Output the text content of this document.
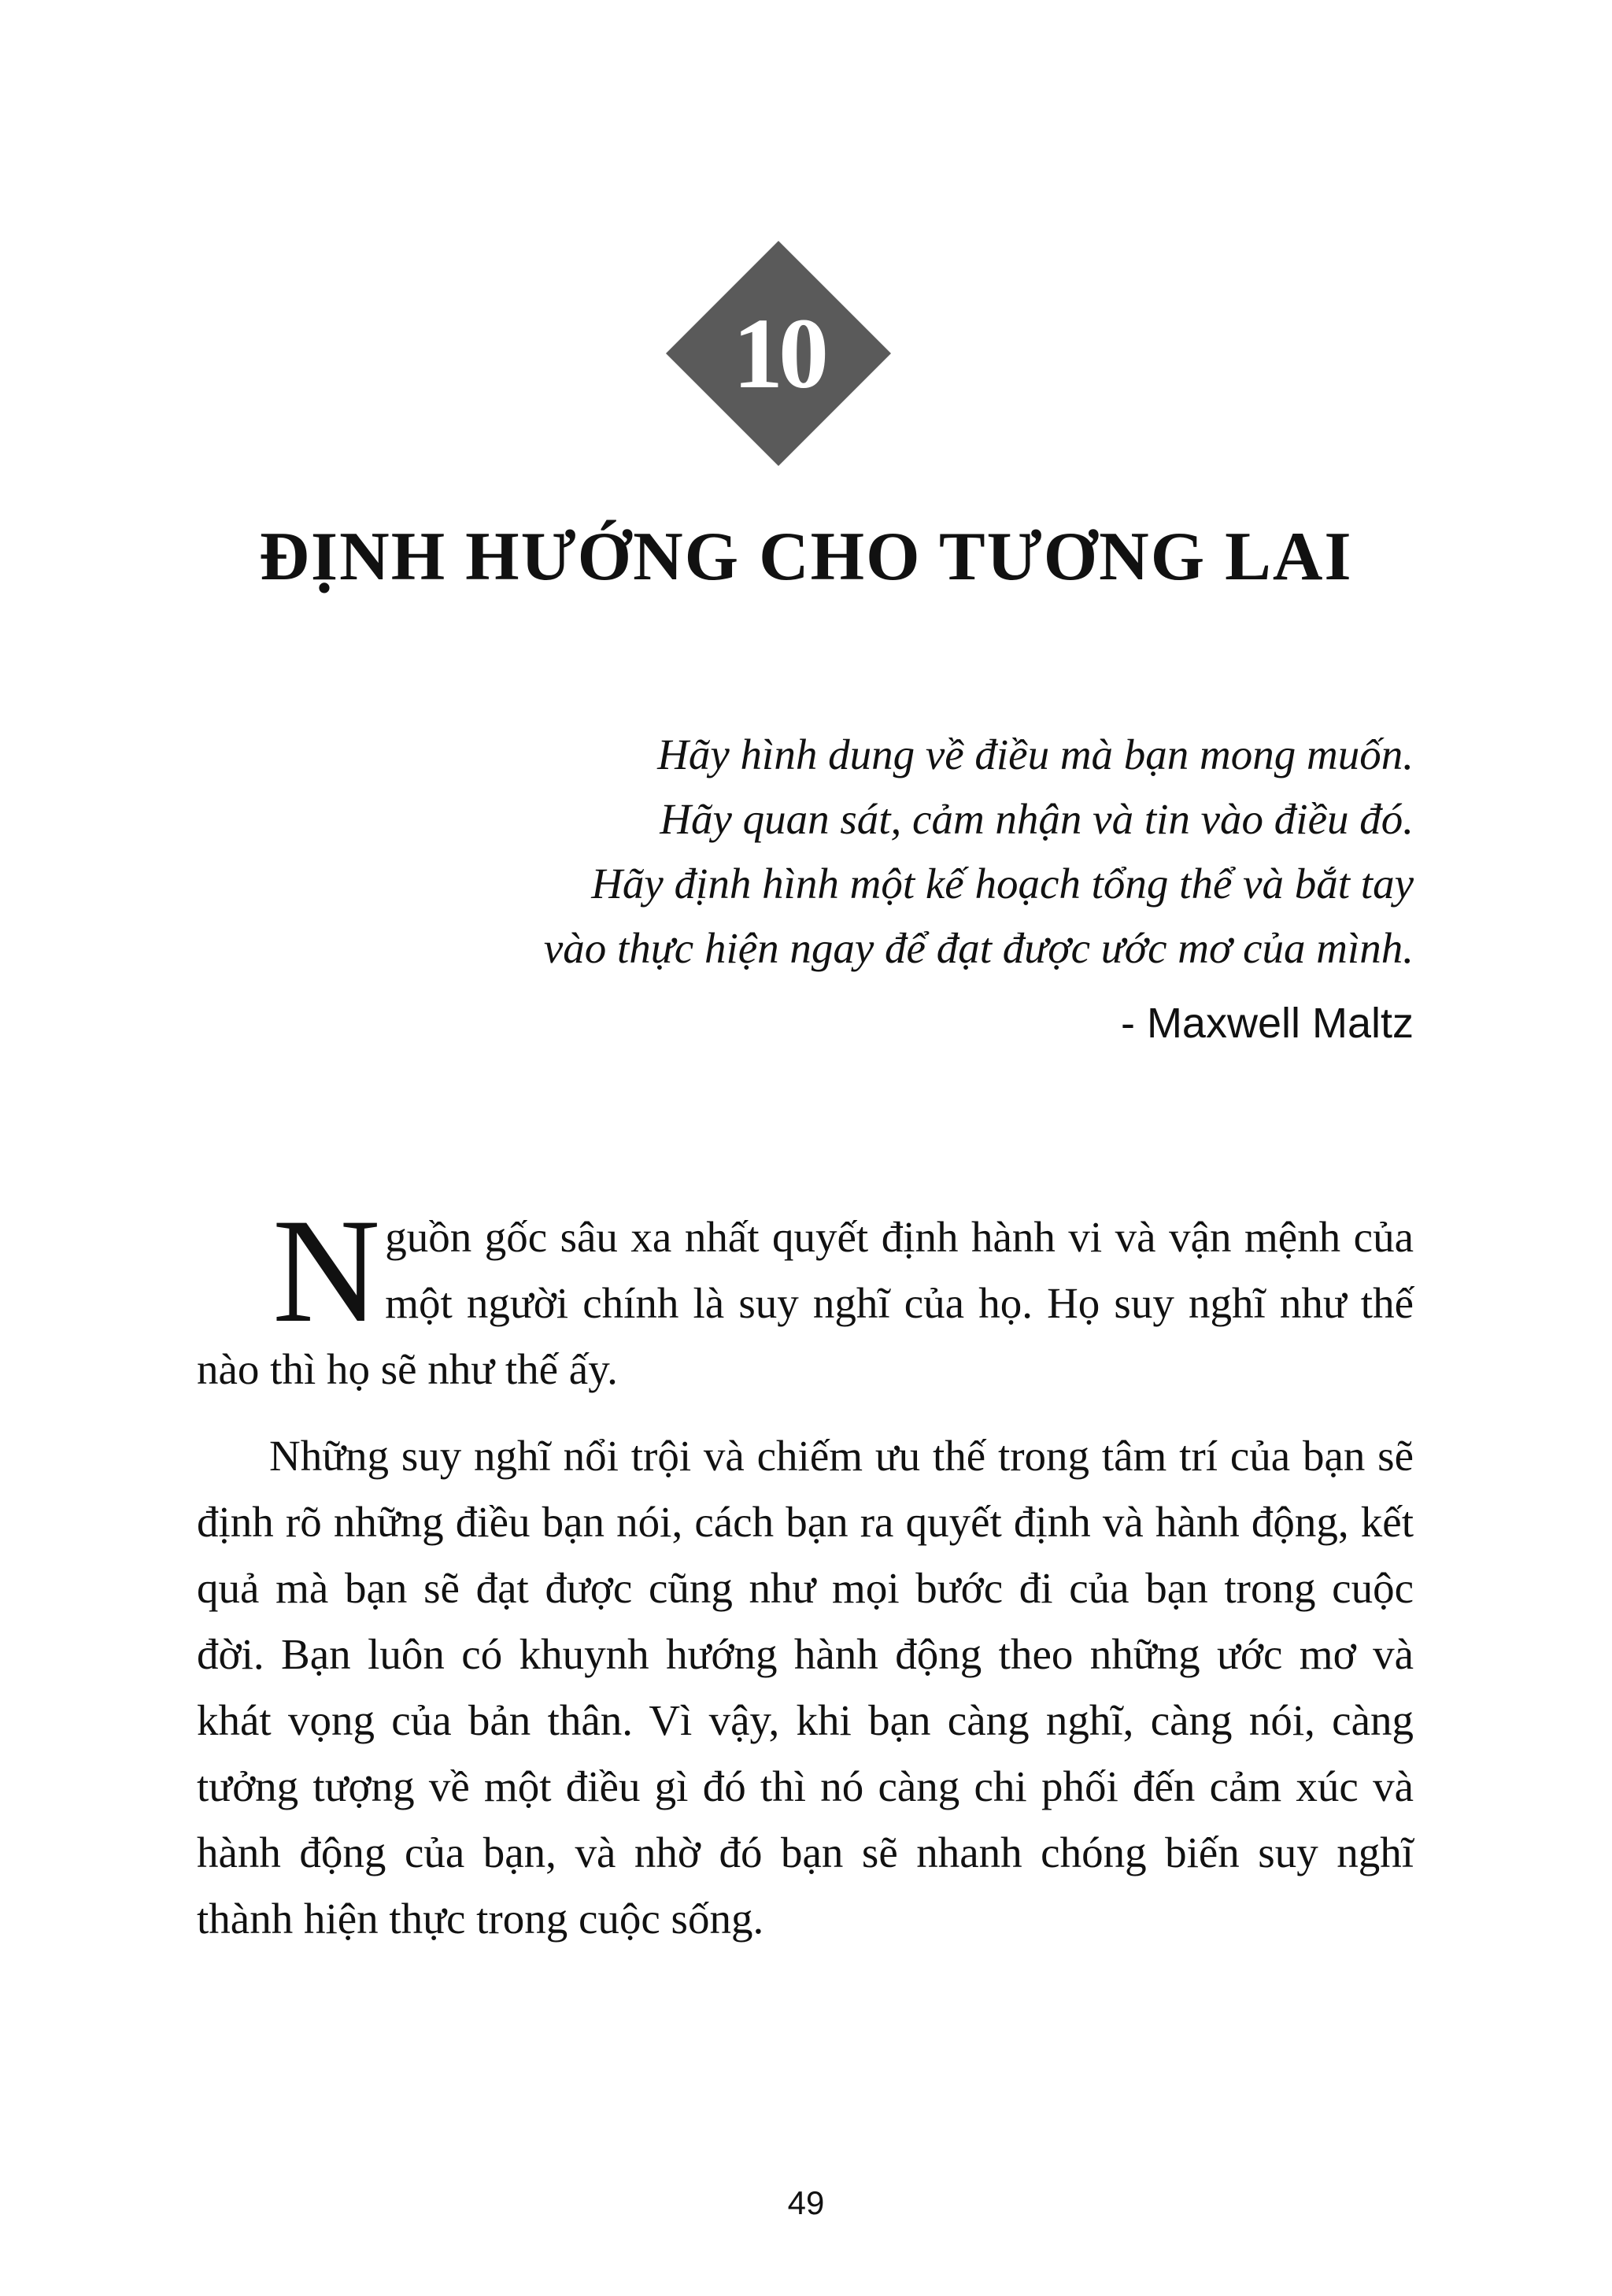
10
ĐỊNH HƯỚNG CHO TƯƠNG LAI
Hãy hình dung về điều mà bạn mong muốn.
Hãy quan sát, cảm nhận và tin vào điều đó.
Hãy định hình một kế hoạch tổng thể và bắt tay
vào thực hiện ngay để đạt được ước mơ của mình.
- Maxwell Maltz

Nguồn gốc sâu xa nhất quyết định hành vi và vận mệnh của một người chính là suy nghĩ của họ. Họ suy nghĩ như thế nào thì họ sẽ như thế ấy.

Những suy nghĩ nổi trội và chiếm ưu thế trong tâm trí của bạn sẽ định rõ những điều bạn nói, cách bạn ra quyết định và hành động, kết quả mà bạn sẽ đạt được cũng như mọi bước đi của bạn trong cuộc đời. Bạn luôn có khuynh hướng hành động theo những ước mơ và khát vọng của bản thân. Vì vậy, khi bạn càng nghĩ, càng nói, càng tưởng tượng về một điều gì đó thì nó càng chi phối đến cảm xúc và hành động của bạn, và nhờ đó bạn sẽ nhanh chóng biến suy nghĩ thành hiện thực trong cuộc sống.

49
